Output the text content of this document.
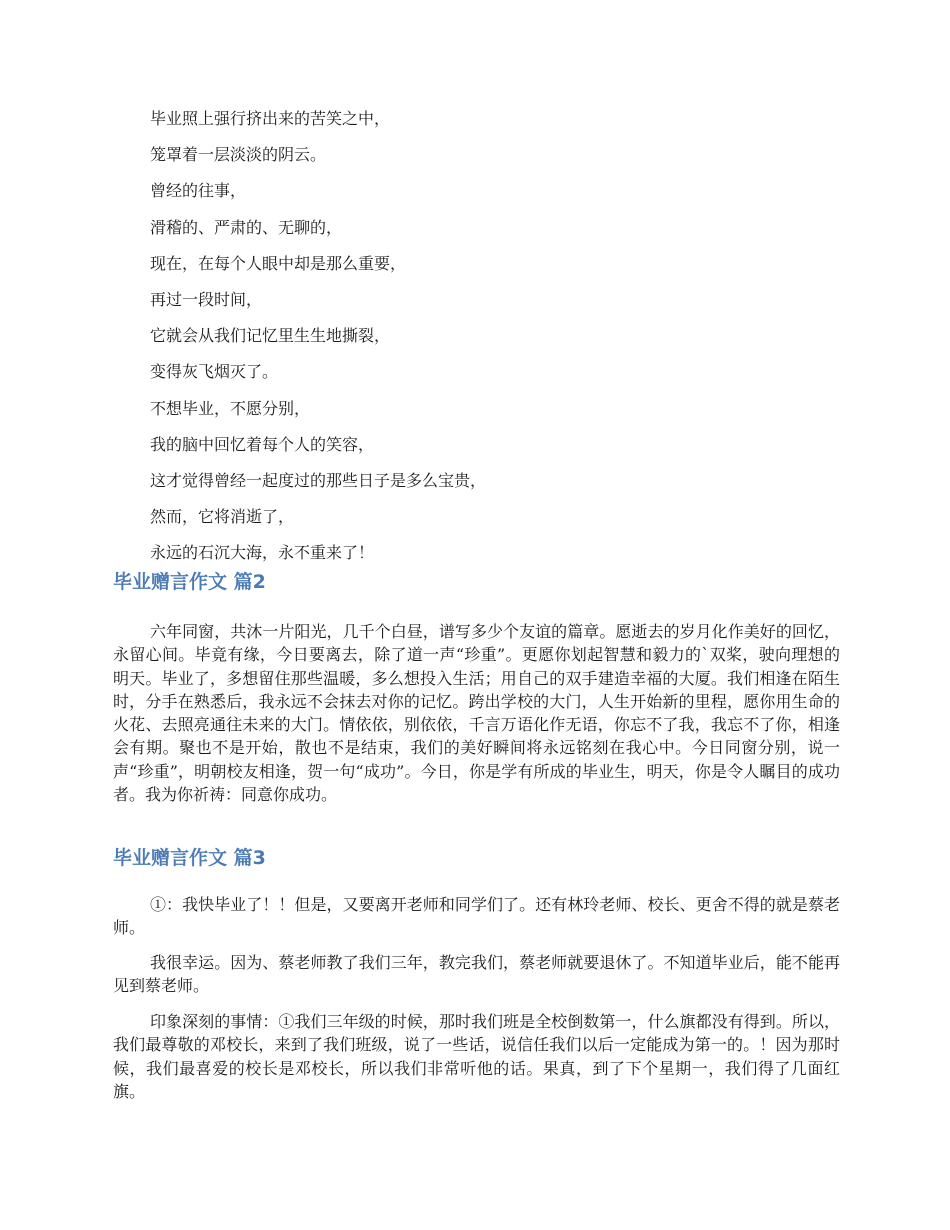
毕业照上强行挤出来的苦笑之中，

笼罩着一层淡淡的阴云。

曾经的往事，

滑稽的、严肃的、无聊的，

现在，在每个人眼中却是那么重要，

再过一段时间，

它就会从我们记忆里生生地撕裂，

变得灰飞烟灭了。

不想毕业，不愿分别，

我的脑中回忆着每个人的笑容，

这才觉得曾经一起度过的那些日子是多么宝贵，

然而，它将消逝了，

永远的石沉大海，永不重来了！

毕业赠言作文 篇2

六年同窗，共沐一片阳光，几千个白昼，谱写多少个友谊的篇章。愿逝去的岁月化作美好的回忆，永留心间。毕竟有缘，今日要离去，除了道一声“珍重”。更愿你划起智慧和毅力的`双桨，驶向理想的明天。毕业了，多想留住那些温暖，多么想投入生活；用自己的双手建造幸福的大厦。我们相逢在陌生时，分手在熟悉后，我永远不会抹去对你的记忆。跨出学校的大门，人生开始新的里程，愿你用生命的火花、去照亮通往未来的大门。情依依，别依依，千言万语化作无语，你忘不了我，我忘不了你，相逢会有期。聚也不是开始，散也不是结束，我们的美好瞬间将永远铭刻在我心中。今日同窗分别，说一声“珍重”，明朝校友相逢，贺一句“成功”。今日，你是学有所成的毕业生，明天，你是令人瞩目的成功者。我为你祈祷：同意你成功。

毕业赠言作文 篇3

①：我快毕业了！！但是，又要离开老师和同学们了。还有林玲老师、校长、更舍不得的就是蔡老师。

我很幸运。因为、蔡老师教了我们三年，教完我们，蔡老师就要退休了。不知道毕业后，能不能再见到蔡老师。

印象深刻的事情：①我们三年级的时候，那时我们班是全校倒数第一，什么旗都没有得到。所以，我们最尊敬的邓校长，来到了我们班级，说了一些话，说信任我们以后一定能成为第一的。！因为那时候，我们最喜爱的校长是邓校长，所以我们非常听他的话。果真，到了下个星期一，我们得了几面红旗。
